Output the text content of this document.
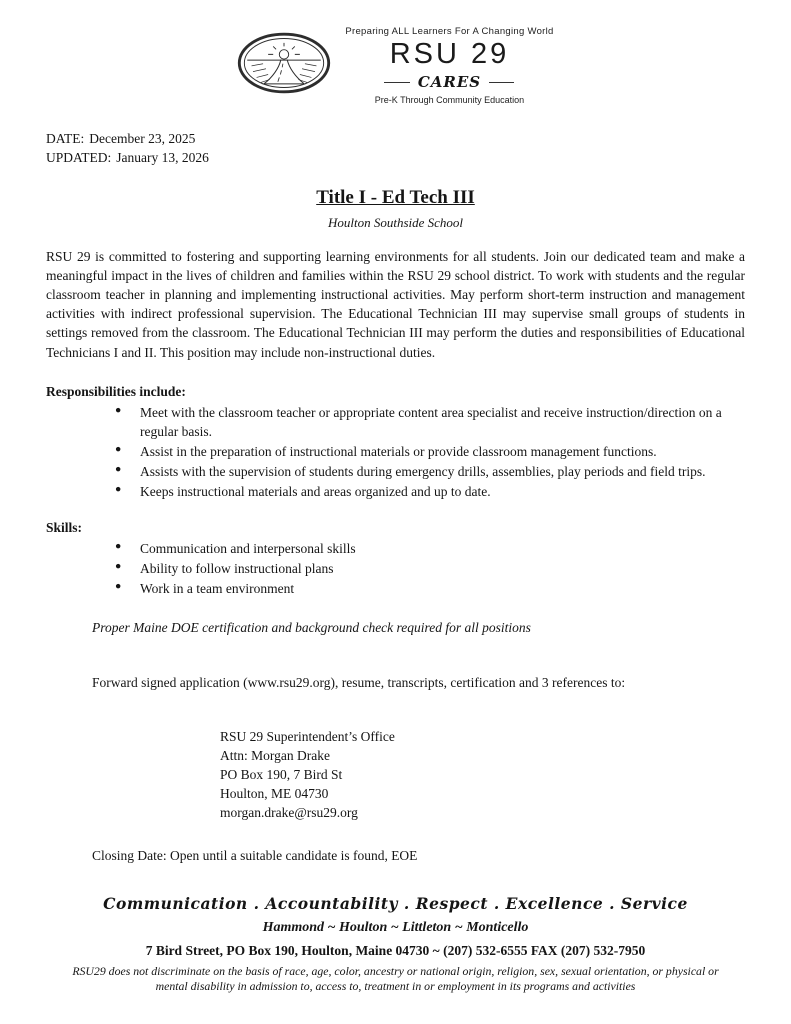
Preparing ALL Learners For A Changing World
RSU 29
CARES
Pre-K Through Community Education

DATE: December 23, 2025

UPDATED: January 13, 2026

Title I - Ed Tech III

Houlton Southside School

RSU 29 is committed to fostering and supporting learning environments for all students. Join our dedicated team and make a meaningful impact in the lives of children and families within the RSU 29 school district. To work with students and the regular classroom teacher in planning and implementing instructional activities. May perform short-term instruction and management activities with indirect professional supervision. The Educational Technician III may supervise small groups of students in settings removed from the classroom. The Educational Technician III may perform the duties and responsibilities of Educational Technicians I and II. This position may include non-instructional duties.

Responsibilities include:

● Meet with the classroom teacher or appropriate content area specialist and receive instruction/direction on a regular basis.
● Assist in the preparation of instructional materials or provide classroom management functions.
● Assists with the supervision of students during emergency drills, assemblies, play periods and field trips.
● Keeps instructional materials and areas organized and up to date.

Skills:

● Communication and interpersonal skills
● Ability to follow instructional plans
● Work in a team environment

Proper Maine DOE certification and background check required for all positions

Forward signed application (www.rsu29.org), resume, transcripts, certification and 3 references to:

RSU 29 Superintendent’s Office

Attn: Morgan Drake

PO Box 190, 7 Bird St

Houlton, ME 04730

morgan.drake@rsu29.org

Closing Date: Open until a suitable candidate is found, EOE

Communication . Accountability . Respect . Excellence . Service

Hammond ~ Houlton ~ Littleton ~ Monticello

7 Bird Street, PO Box 190, Houlton, Maine 04730 ~ (207) 532-6555 FAX (207) 532-7950

RSU29 does not discriminate on the basis of race, age, color, ancestry or national origin, religion, sex, sexual orientation, or physical or mental disability in admission to, access to, treatment in or employment in its programs and activities
